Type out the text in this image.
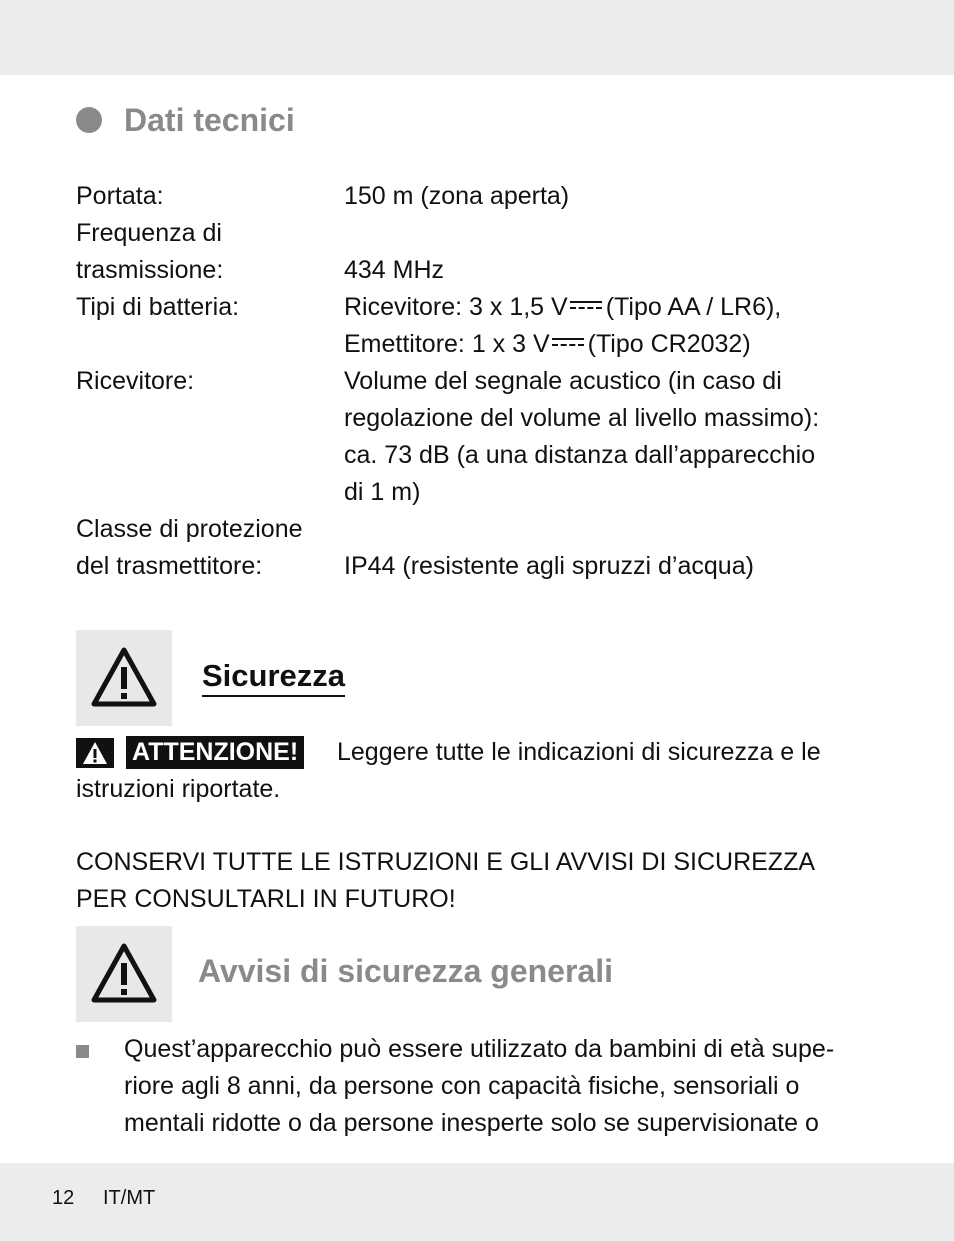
Dati tecnici
Portata:	150 m (zona aperta)
Frequenza di
trasmissione:	434 MHz
Tipi di batteria:	Ricevitore: 3 x 1,5 V (Tipo AA / LR6),
Emettitore: 1 x 3 V (Tipo CR2032)
Ricevitore:	Volume del segnale acustico (in caso di
regolazione del volume al livello massimo):
ca. 73 dB (a una distanza dall’apparecchio
di 1 m)
Classe di protezione
del trasmettitore:	IP44 (resistente agli spruzzi d’acqua)
Sicurezza
ATTENZIONE! Leggere tutte le indicazioni di sicurezza e le
istruzioni riportate.
CONSERVI TUTTE LE ISTRUZIONI E GLI AVVISI DI SICUREZZA
PER CONSULTARLI IN FUTURO!
Avvisi di sicurezza generali
Quest’apparecchio può essere utilizzato da bambini di età supe-
riore agli 8 anni, da persone con capacità fisiche, sensoriali o
mentali ridotte o da persone inesperte solo se supervisionate o
12 IT/MT
